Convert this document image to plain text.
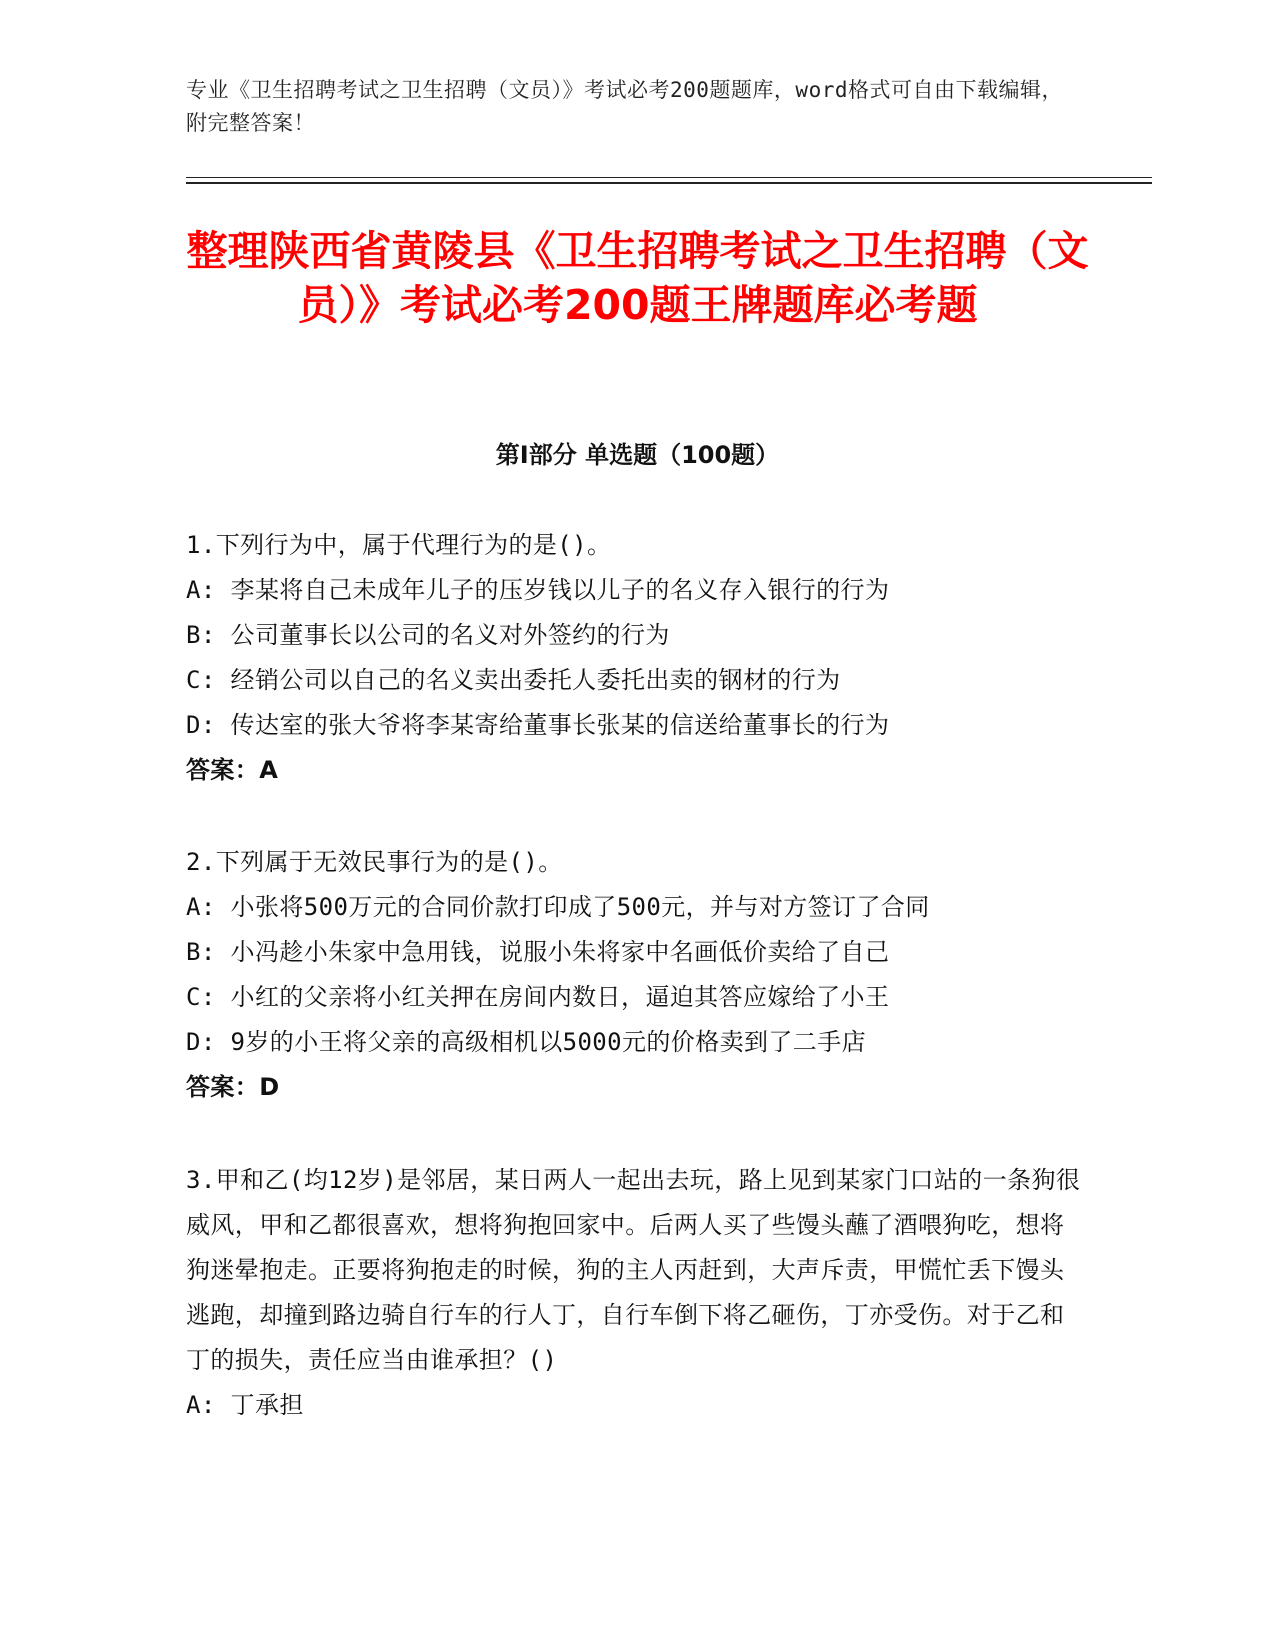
专业《卫生招聘考试之卫生招聘（文员）》考试必考200题题库，word格式可自由下载编辑，附完整答案！
整理陕西省黄陵县《卫生招聘考试之卫生招聘（文员）》考试必考200题王牌题库必考题
第I部分 单选题（100题）

1.下列行为中，属于代理行为的是()。

A: 李某将自己未成年儿子的压岁钱以儿子的名义存入银行的行为

B: 公司董事长以公司的名义对外签约的行为

C: 经销公司以自己的名义卖出委托人委托出卖的钢材的行为

D: 传达室的张大爷将李某寄给董事长张某的信送给董事长的行为

答案：A

2.下列属于无效民事行为的是()。

A: 小张将500万元的合同价款打印成了500元，并与对方签订了合同

B: 小冯趁小朱家中急用钱，说服小朱将家中名画低价卖给了自己

C: 小红的父亲将小红关押在房间内数日，逼迫其答应嫁给了小王

D: 9岁的小王将父亲的高级相机以5000元的价格卖到了二手店

答案：D

3.甲和乙(均12岁)是邻居，某日两人一起出去玩，路上见到某家门口站的一条狗很威风，甲和乙都很喜欢，想将狗抱回家中。后两人买了些馒头蘸了酒喂狗吃，想将狗迷晕抱走。正要将狗抱走的时候，狗的主人丙赶到，大声斥责，甲慌忙丢下馒头逃跑，却撞到路边骑自行车的行人丁，自行车倒下将乙砸伤，丁亦受伤。对于乙和丁的损失，责任应当由谁承担？()

A: 丁承担
